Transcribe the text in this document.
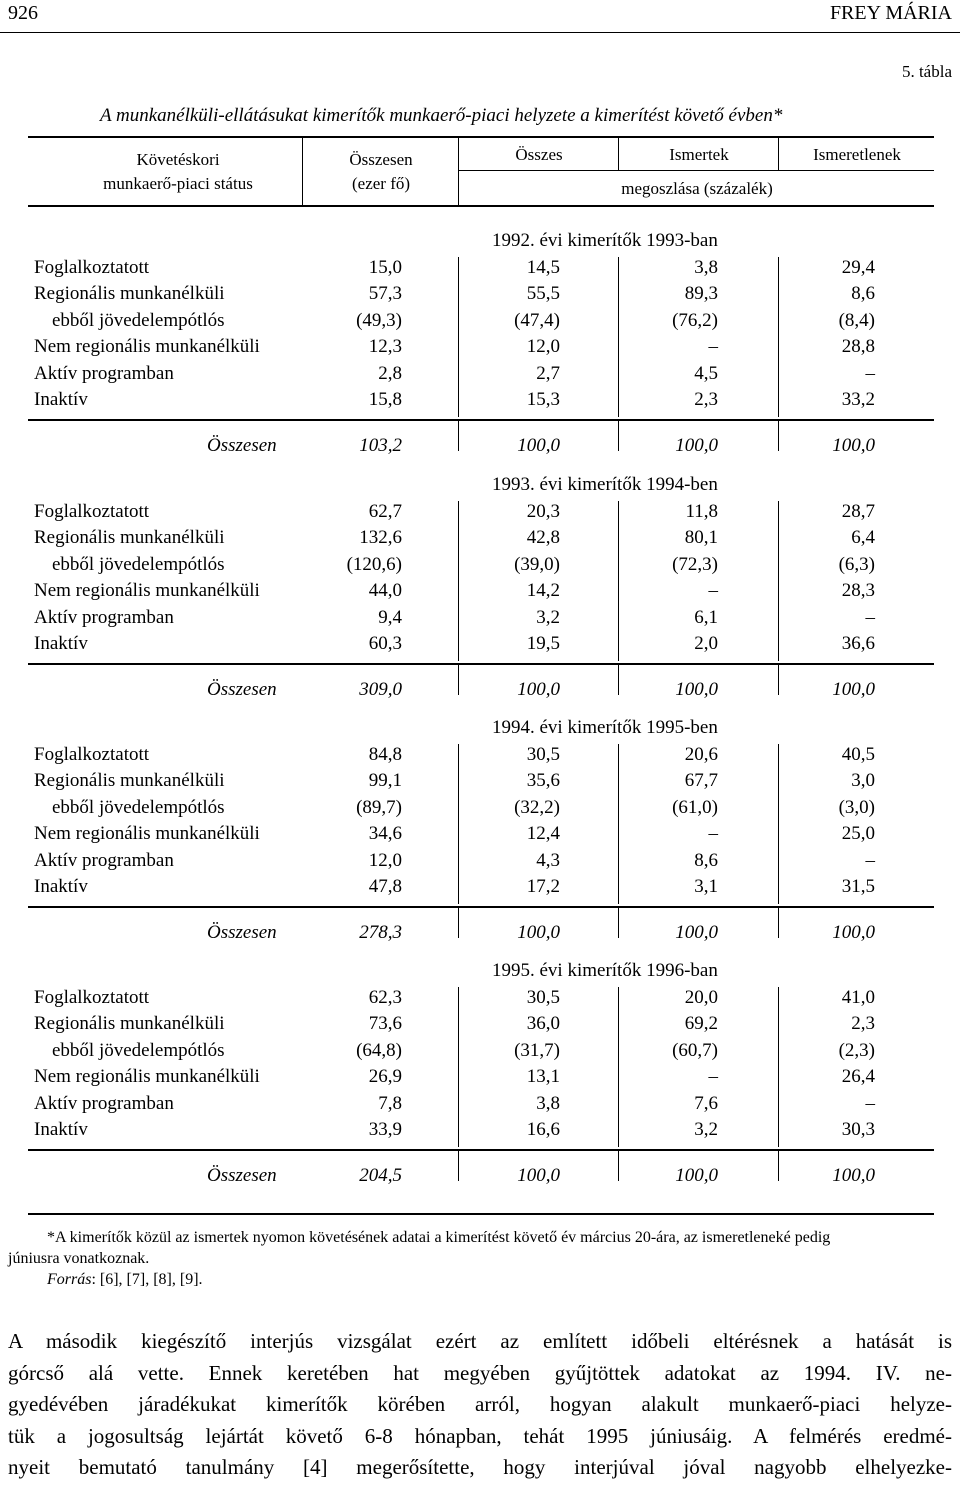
926	FREY MÁRIA
5. tábla
A munkanélküli-ellátásukat kimerítők munkaerő-piaci helyzete a kimerítést követő évben*
Követéskori
munkaerő-piaci státus
Összesen
(ezer fő)
Összes	Ismertek	Ismeretlenek
megoszlása (százalék)
1992. évi kimerítők 1993-ban
Foglalkoztatott	15,0	14,5	3,8	29,4
Regionális munkanélküli	57,3	55,5	89,3	8,6
ebből jövedelempótlós	(49,3)	(47,4)	(76,2)	(8,4)
Nem regionális munkanélküli	12,3	12,0	–	28,8
Aktív programban	2,8	2,7	4,5	–
Inaktív	15,8	15,3	2,3	33,2
Összesen	103,2	100,0	100,0	100,0
1993. évi kimerítők 1994-ben
Foglalkoztatott	62,7	20,3	11,8	28,7
Regionális munkanélküli	132,6	42,8	80,1	6,4
ebből jövedelempótlós	(120,6)	(39,0)	(72,3)	(6,3)
Nem regionális munkanélküli	44,0	14,2	–	28,3
Aktív programban	9,4	3,2	6,1	–
Inaktív	60,3	19,5	2,0	36,6
Összesen	309,0	100,0	100,0	100,0
1994. évi kimerítők 1995-ben
Foglalkoztatott	84,8	30,5	20,6	40,5
Regionális munkanélküli	99,1	35,6	67,7	3,0
ebből jövedelempótlós	(89,7)	(32,2)	(61,0)	(3,0)
Nem regionális munkanélküli	34,6	12,4	–	25,0
Aktív programban	12,0	4,3	8,6	–
Inaktív	47,8	17,2	3,1	31,5
Összesen	278,3	100,0	100,0	100,0
1995. évi kimerítők 1996-ban
Foglalkoztatott	62,3	30,5	20,0	41,0
Regionális munkanélküli	73,6	36,0	69,2	2,3
ebből jövedelempótlós	(64,8)	(31,7)	(60,7)	(2,3)
Nem regionális munkanélküli	26,9	13,1	–	26,4
Aktív programban	7,8	3,8	7,6	–
Inaktív	33,9	16,6	3,2	30,3
Összesen	204,5	100,0	100,0	100,0
*A kimerítők közül az ismertek nyomon követésének adatai a kimerítést követő év március 20-ára, az ismeretleneké pedig
júniusra vonatkoznak.
Forrás: [6], [7], [8], [9].
A második kiegészítő interjús vizsgálat ezért az említett időbeli eltérésnek a hatását is
górcső alá vette. Ennek keretében hat megyében gyűjtöttek adatokat az 1994. IV. ne-
gyedévében járadékukat kimerítők körében arról, hogyan alakult munkaerő-piaci helyze-
tük a jogosultság lejártát követő 6-8 hónapban, tehát 1995 júniusáig. A felmérés eredmé-
nyeit bemutató tanulmány [4] megerősítette, hogy interjúval jóval nagyobb elhelyezke-
